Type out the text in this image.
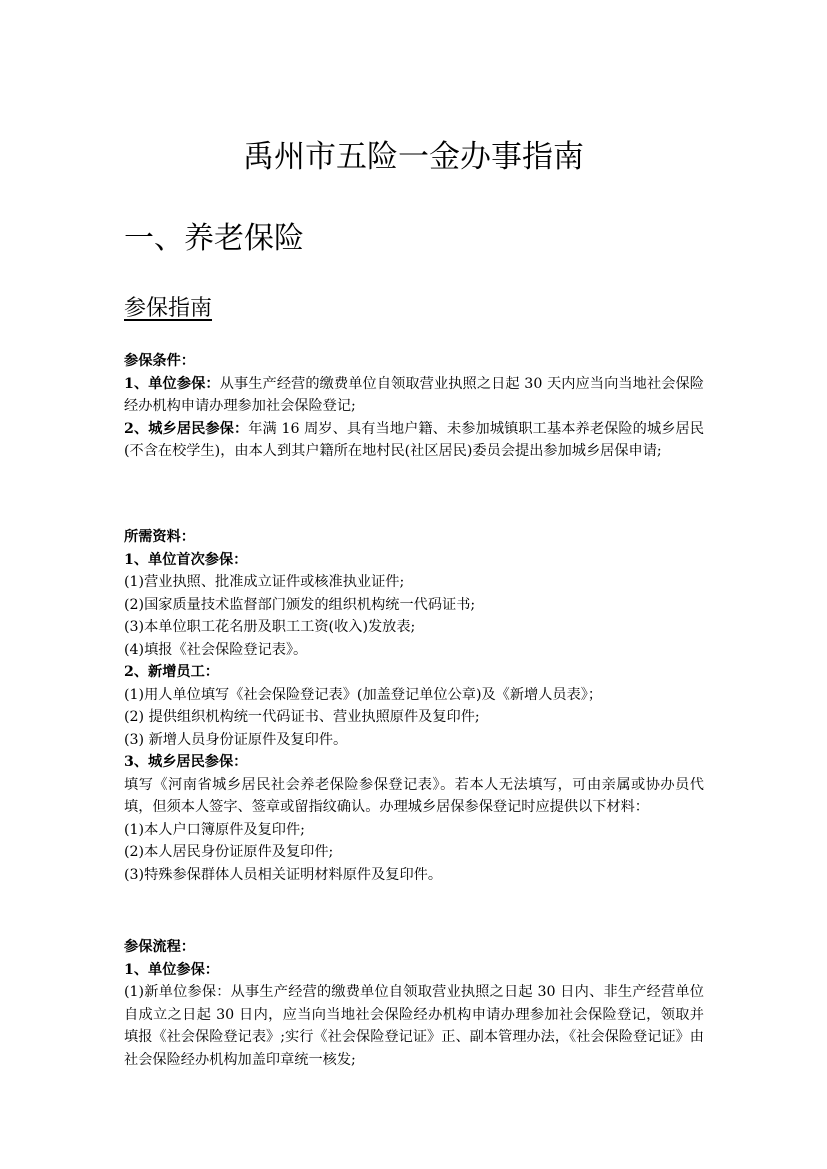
禹州市五险一金办事指南
一、养老保险
参保指南

参保条件：

1、单位参保：从事生产经营的缴费单位自领取营业执照之日起 30 天内应当向当地社会保险经办机构申请办理参加社会保险登记;

2、城乡居民参保：年满 16 周岁、具有当地户籍、未参加城镇职工基本养老保险的城乡居民(不含在校学生)，由本人到其户籍所在地村民(社区居民)委员会提出参加城乡居保申请;

所需资料：

1、单位首次参保：

(1)营业执照、批准成立证件或核准执业证件;

(2)国家质量技术监督部门颁发的组织机构统一代码证书;

(3)本单位职工花名册及职工工资(收入)发放表;

(4)填报《社会保险登记表》。

2、新增员工：

(1)用人单位填写《社会保险登记表》(加盖登记单位公章)及《新增人员表》；

(2) 提供组织机构统一代码证书、营业执照原件及复印件;

(3) 新增人员身份证原件及复印件。

3、城乡居民参保：

填写《河南省城乡居民社会养老保险参保登记表》。若本人无法填写，可由亲属或协办员代填，但须本人签字、签章或留指纹确认。办理城乡居保参保登记时应提供以下材料：

(1)本人户口簿原件及复印件;

(2)本人居民身份证原件及复印件;

(3)特殊参保群体人员相关证明材料原件及复印件。

参保流程：

1、单位参保：

(1)新单位参保：从事生产经营的缴费单位自领取营业执照之日起 30 日内、非生产经营单位自成立之日起 30 日内，应当向当地社会保险经办机构申请办理参加社会保险登记，领取并填报《社会保险登记表》;实行《社会保险登记证》正、副本管理办法，《社会保险登记证》由社会保险经办机构加盖印章统一核发;
